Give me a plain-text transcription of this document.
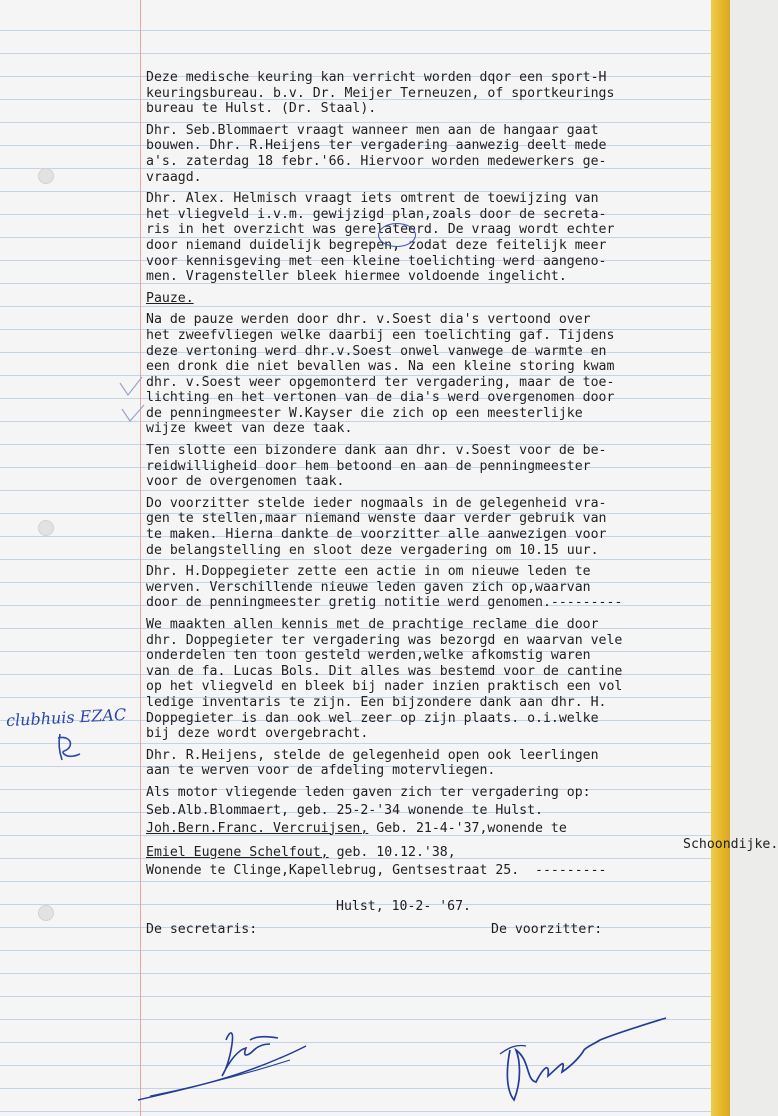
Deze medische keuring kan verricht worden dqor een sport-H
keuringsbureau. b.v. Dr. Meijer Terneuzen, of sportkeurings
bureau te Hulst. (Dr. Staal).

Dhr. Seb.Blommaert vraagt wanneer men aan de hangaar gaat
bouwen. Dhr. R.Heijens ter vergadering aanwezig deelt mede
a's. zaterdag 18 febr.'66. Hiervoor worden medewerkers ge-
vraagd.

Dhr. Alex. Helmisch vraagt iets omtrent de toewijzing van
het vliegveld i.v.m. gewijzigd plan,zoals door de secreta-
ris in het overzicht was gerelateerd. De vraag wordt echter
door niemand duidelijk begrepen, zodat deze feitelijk meer
voor kennisgeving met een kleine toelichting werd aangeno-
men. Vragensteller bleek hiermee voldoende ingelicht.

Pauze.

Na de pauze werden door dhr. v.Soest dia's vertoond over
het zweefvliegen welke daarbij een toelichting gaf. Tijdens
deze vertoning werd dhr.v.Soest onwel vanwege de warmte en
een dronk die niet bevallen was. Na een kleine storing kwam
dhr. v.Soest weer opgemonterd ter vergadering, maar de toe-
lichting en het vertonen van de dia's werd overgenomen door
de penningmeester W.Kayser die zich op een meesterlijke
wijze kweet van deze taak.

Ten slotte een bizondere dank aan dhr. v.Soest voor de be-
reidwilligheid door hem betoond en aan de penningmeester
voor de overgenomen taak.

Do voorzitter stelde ieder nogmaals in de gelegenheid vra-
gen te stellen,maar niemand wenste daar verder gebruik van
te maken. Hierna dankte de voorzitter alle aanwezigen voor
de belangstelling en sloot deze vergadering om 10.15 uur.

Dhr. H.Doppegieter zette een actie in om nieuwe leden te
werven. Verschillende nieuwe leden gaven zich op,waarvan
door de penningmeester gretig notitie werd genomen.---------

We maakten allen kennis met de prachtige reclame die door
dhr. Doppegieter ter vergadering was bezorgd en waarvan vele
onderdelen ten toon gesteld werden,welke afkomstig waren
van de fa. Lucas Bols. Dit alles was bestemd voor de cantine
op het vliegveld en bleek bij nader inzien praktisch een vol
ledige inventaris te zijn. Een bijzondere dank aan dhr. H.
Doppegieter is dan ook wel zeer op zijn plaats. o.i.welke
bij deze wordt overgebracht.

Dhr. R.Heijens, stelde de gelegenheid open ook leerlingen
aan te werven voor de afdeling motervliegen.

Als motor vliegende leden gaven zich ter vergadering op:

Seb.Alb.Blommaert, geb. 25-2-'34 wonende te Hulst.
Joh.Bern.Franc. Vercruijsen, Geb. 21-4-'37,wonende te
Emiel Eugene Schelfout, geb. 10.12.'38,
Schoondijke.
Wonende te Clinge,Kapellebrug, Gentsestraat 25.  ---------
Hulst, 10-2- '67.
De secretaris:	De voorzitter:
clubhuis EZAC
